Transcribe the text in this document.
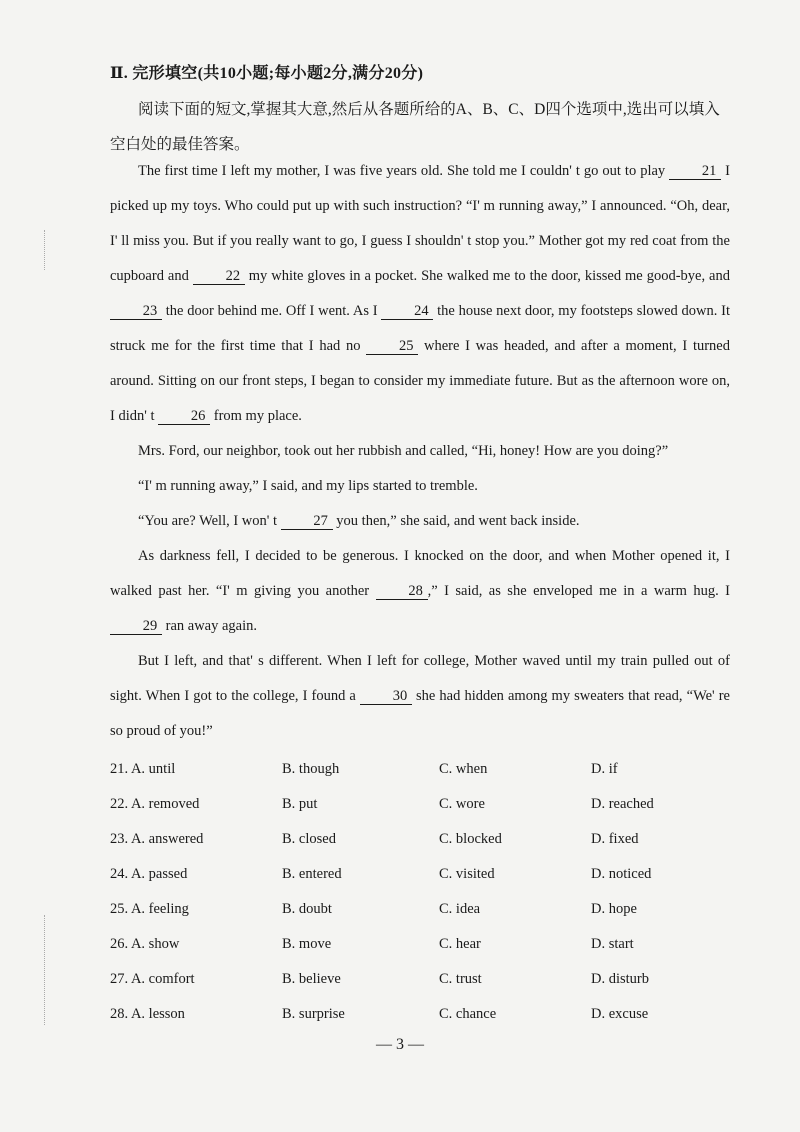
Ⅱ. 完形填空(共10小题;每小题2分,满分20分)
阅读下面的短文,掌握其大意,然后从各题所给的A、B、C、D四个选项中,选出可以填入空白处的最佳答案。

The first time I left my mother, I was five years old. She told me I couldn' t go out to play 21 I picked up my toys. Who could put up with such instruction? “I' m running away,” I announced. “Oh, dear, I' ll miss you. But if you really want to go, I guess I shouldn' t stop you.” Mother got my red coat from the cupboard and 22 my white gloves in a pocket. She walked me to the door, kissed me good-bye, and 23 the door behind me. Off I went. As I 24 the house next door, my footsteps slowed down. It struck me for the first time that I had no 25 where I was headed, and after a moment, I turned around. Sitting on our front steps, I began to consider my immediate future. But as the afternoon wore on, I didn' t 26 from my place.

Mrs. Ford, our neighbor, took out her rubbish and called, “Hi, honey! How are you doing?”

“I' m running away,” I said, and my lips started to tremble.

“You are? Well, I won' t 27 you then,” she said, and went back inside.

As darkness fell, I decided to be generous. I knocked on the door, and when Mother opened it, I walked past her. “I' m giving you another 28 ,” I said, as she enveloped me in a warm hug. I 29 ran away again.

But I left, and that' s different. When I left for college, Mother waved until my train pulled out of sight. When I got to the college, I found a 30 she had hidden among my sweaters that read, “We' re so proud of you!”

21. A. until	B. though	C. when	D. if
22. A. removed	B. put	C. wore	D. reached
23. A. answered	B. closed	C. blocked	D. fixed
24. A. passed	B. entered	C. visited	D. noticed
25. A. feeling	B. doubt	C. idea	D. hope
26. A. show	B. move	C. hear	D. start
27. A. comfort	B. believe	C. trust	D. disturb
28. A. lesson	B. surprise	C. chance	D. excuse
— 3 —
